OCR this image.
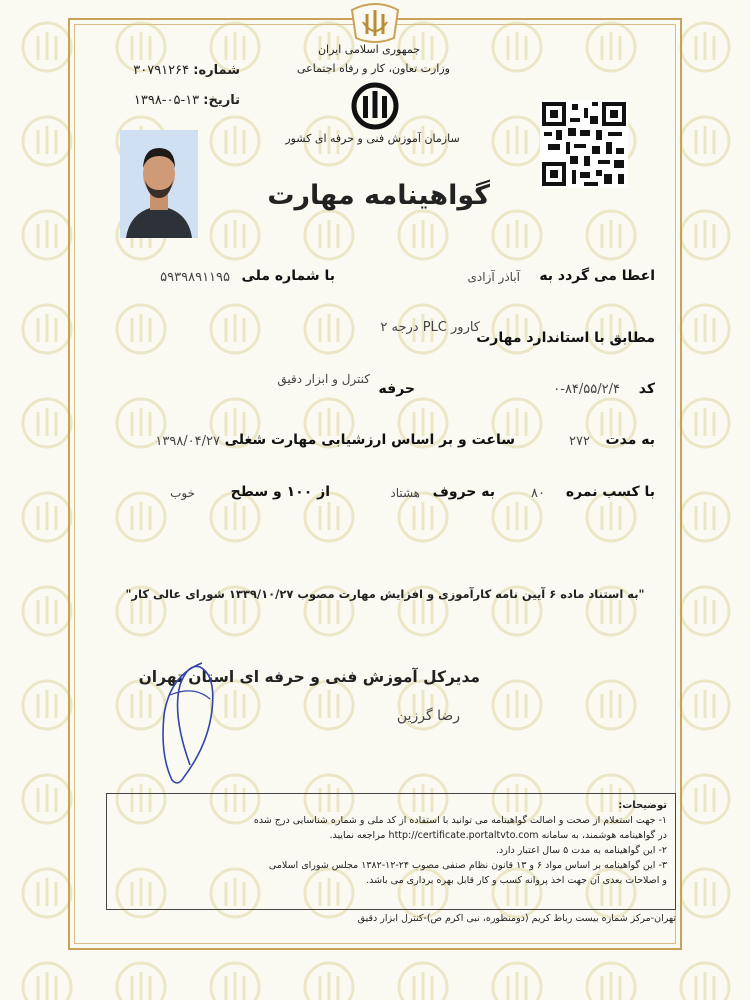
جمهوری اسلامی ایران
وزارت تعاون، کار و رفاه اجتماعی
سازمان آموزش فنی و حرفه ای کشور
شماره: ۳۰۷۹۱۲۶۴
تاریخ: ۱۳-۰۵-۱۳۹۸
گواهینامه مهارت
اعطا می گردد به
آباذر آزادی
با شماره ملی
۵۹۳۹۸۹۱۱۹۵
مطابق با استاندارد مهارت
کارور PLC درجه ۲
کد
۰-۸۴/۵۵/۲/۴
حرفه
کنترل و ابزار دقیق
به مدت
۲۷۲
ساعت و بر اساس ارزشیابی مهارت شغلی
۱۳۹۸/۰۴/۲۷
با کسب نمره
۸۰
به حروف
هشتاد
از ۱۰۰ و سطح
خوب
"به استناد ماده ۶ آیین نامه کارآموزی و افزایش مهارت مصوب ۱۳۳۹/۱۰/۲۷ شورای عالی کار"
مدیرکل آموزش فنی و حرفه ای استان تهران
رضا گرزین
توضیحات:
۱- جهت استعلام از صحت و اصالت گواهینامه می توانید با استفاده از کد ملی و شماره شناسایی درج شده
در گواهینامه هوشمند، به سامانه http://certificate.portaltvto.com مراجعه نمایید.
۲- این گواهینامه به مدت ۵ سال اعتبار دارد.
۳- این گواهینامه بر اساس مواد ۶ و ۱۳ قانون نظام صنفی مصوب ۲۴-۱۲-۱۳۸۲ مجلس شورای اسلامی
و اصلاحات بعدی آن جهت اخذ پروانه کسب و کار قابل بهره برداری می باشد.
تهران-مرکز شماره بیست رباط کریم (دومنظوره، نبی اکرم ص)-کنترل ابزار دقیق
